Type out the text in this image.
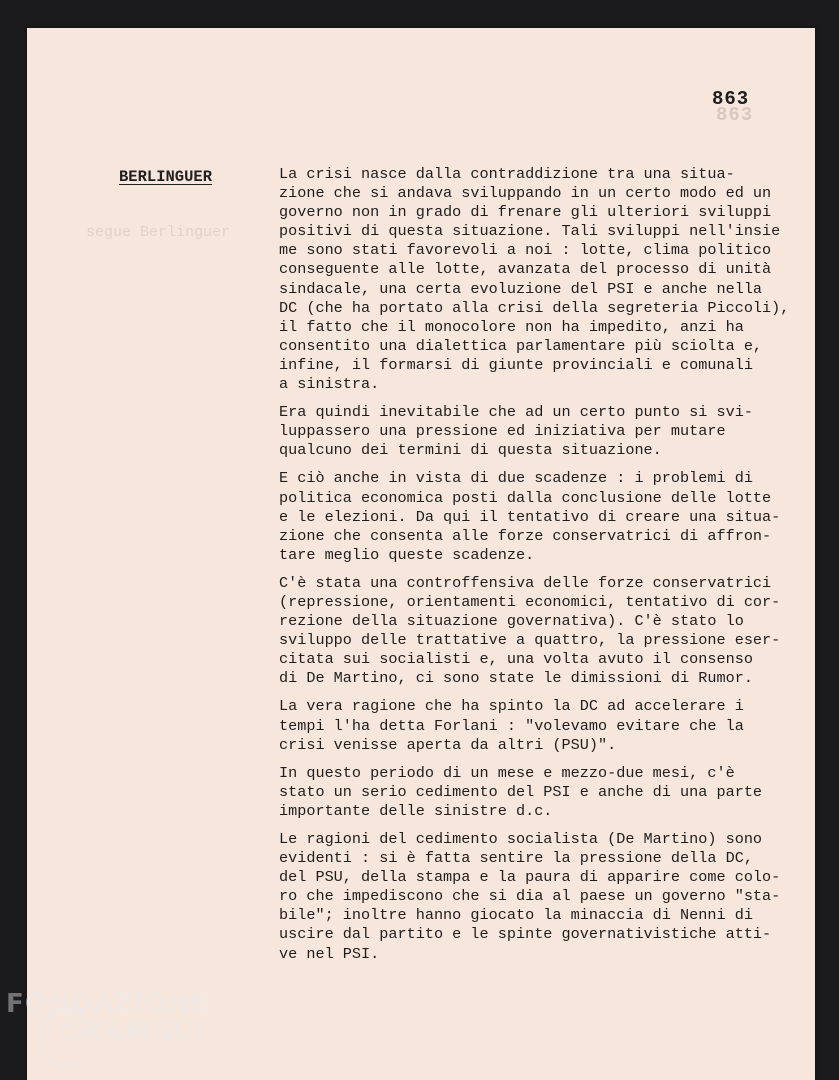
863
863
segue Berlinguer
BERLINGUER	La crisi nasce dalla contraddizione tra una situa-
zione che si andava sviluppando in un certo modo ed un
governo non in grado di frenare gli ulteriori sviluppi
positivi di questa situazione. Tali sviluppi nell'insie
me sono stati favorevoli a noi : lotte, clima politico
conseguente alle lotte, avanzata del processo di unità
sindacale, una certa evoluzione del PSI e anche nella
DC (che ha portato alla crisi della segreteria Piccoli),
il fatto che il monocolore non ha impedito, anzi ha
consentito una dialettica parlamentare più sciolta e,
infine, il formarsi di giunte provinciali e comunali
a sinistra.

Era quindi inevitabile che ad un certo punto si svi-
luppassero una pressione ed iniziativa per mutare
qualcuno dei termini di questa situazione.

E ciò anche in vista di due scadenze : i problemi di
politica economica posti dalla conclusione delle lotte
e le elezioni. Da qui il tentativo di creare una situa-
zione che consenta alle forze conservatrici di affron-
tare meglio queste scadenze.

C'è stata una controffensiva delle forze conservatrici
(repressione, orientamenti economici, tentativo di cor-
rezione della situazione governativa). C'è stato lo
sviluppo delle trattative a quattro, la pressione eser-
citata sui socialisti e, una volta avuto il consenso
di De Martino, ci sono state le dimissioni di Rumor.

La vera ragione che ha spinto la DC ad accelerare i
tempi l'ha detta Forlani : "volevamo evitare che la
crisi venisse aperta da altri (PSU)".

In questo periodo di un mese e mezzo-due mesi, c'è
stato un serio cedimento del PSI e anche di una parte
importante delle sinistre d.c.

Le ragioni del cedimento socialista (De Martino) sono
evidenti : si è fatta sentire la pressione della DC,
del PSU, della stampa e la paura di apparire come colo-
ro che impediscono che si dia al paese un governo "sta-
bile"; inoltre hanno giocato la minaccia di Nenni di
uscire dal partito e le spinte governativistiche atti-
ve nel PSI.

FONDAZIONE
GRAMSCI
